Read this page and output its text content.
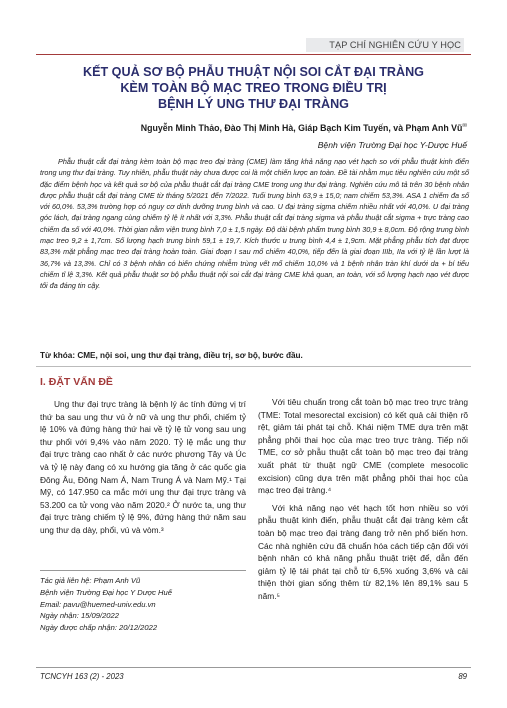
TẠP CHÍ NGHIÊN CỨU Y HỌC
KẾT QUẢ SƠ BỘ PHẪU THUẬT NỘI SOI CẮT ĐẠI TRÀNG
KÈM TOÀN BỘ MẠC TREO TRONG ĐIỀU TRỊ
BỆNH LÝ UNG THƯ ĐẠI TRÀNG
Nguyễn Minh Thảo, Đào Thị Minh Hà, Giáp Bạch Kim Tuyến, và Phạm Anh Vũ✉
Bệnh viện Trường Đại học Y-Dược Huế

Phẫu thuật cắt đại tràng kèm toàn bộ mạc treo đại tràng (CME) làm tăng khả năng nạo vét hạch so với phẫu thuật kinh điển trong ung thư đại tràng. Tuy nhiên, phẫu thuật này chưa được coi là một chiến lược an toàn. Đề tài nhằm mục tiêu nghiên cứu một số đặc điểm bệnh học và kết quả sơ bộ của phẫu thuật cắt đại tràng CME trong ung thư đại tràng. Nghiên cứu mô tả trên 30 bệnh nhân được phẫu thuật cắt đại tràng CME từ tháng 5/2021 đến 7/2022. Tuổi trung bình 63,9 ± 15,0; nam chiếm 53,3%. ASA 1 chiếm đa số với 60,0%. 53,3% trường hợp có nguy cơ dinh dưỡng trung bình và cao. U đại tràng sigma chiếm nhiều nhất với 40,0%. U đại tràng góc lách, đại tràng ngang cùng chiếm tỷ lệ ít nhất với 3,3%. Phẫu thuật cắt đại tràng sigma và phẫu thuật cắt sigma + trực tràng cao chiếm đa số với 40,0%. Thời gian nằm viện trung bình 7,0 ± 1,5 ngày. Độ dài bệnh phẩm trung bình 30,9 ± 8,0cm. Độ rộng trung bình mạc treo 9,2 ± 1,7cm. Số lượng hạch trung bình 59,1 ± 19,7. Kích thước u trung bình 4,4 ± 1,9cm. Mặt phẳng phẫu tích đạt được 83,3% mặt phẳng mạc treo đại tràng hoàn toàn. Giai đoạn I sau mổ chiếm 40,0%, tiếp đến là giai đoạn IIIb, IIa với tỷ lệ lần lượt là 36,7% và 13,3%. Chỉ có 3 bệnh nhân có biến chứng nhiễm trùng vết mổ chiếm 10,0% và 1 bệnh nhân tràn khí dưới da + bí tiểu chiếm tỉ lệ 3,3%. Kết quả phẫu thuật sơ bộ phẫu thuật nội soi cắt đại tràng CME khả quan, an toàn, với số lượng hạch nạo vét được tối đa đáng tin cậy.

Từ khóa: CME, nội soi, ung thư đại tràng, điều trị, sơ bộ, bước đầu.
I. ĐẶT VẤN ĐỀ

Ung thư đại trực tràng là bệnh lý ác tính đứng vị trí thứ ba sau ung thư vú ở nữ và ung thư phổi, chiếm tỷ lệ 10% và đứng hàng thứ hai về tỷ lệ tử vong sau ung thư phổi với 9,4% vào năm 2020. Tỷ lệ mắc ung thư đại trực tràng cao nhất ở các nước phương Tây và Úc và tỷ lệ này đang có xu hướng gia tăng ở các quốc gia Đông Âu, Đông Nam Á, Nam Trung Á và Nam Mỹ.¹ Tại Mỹ, có 147.950 ca mắc mới ung thư đại trực tràng và 53.200 ca tử vong vào năm 2020.² Ở nước ta, ung thư đại trực tràng chiếm tỷ lệ 9%, đứng hàng thứ năm sau ung thư dạ dày, phổi, vú và vòm.³

Tác giả liên hệ: Phạm Anh Vũ
Bệnh viện Trường Đại học Y Dược Huế
Email: pavu@huemed-univ.edu.vn
Ngày nhận: 15/09/2022
Ngày được chấp nhận: 20/12/2022

Với tiêu chuẩn trong cắt toàn bộ mạc treo trực tràng (TME: Total mesorectal excision) có kết quả cải thiện rõ rệt, giảm tái phát tại chỗ. Khái niệm TME dựa trên mặt phẳng phôi thai học của mạc treo trực tràng. Tiếp nối TME, cơ sở phẫu thuật cắt toàn bộ mạc treo đại tràng xuất phát từ thuật ngữ CME (complete mesocolic excision) cũng dựa trên mặt phẳng phôi thai học của mạc treo đại tràng.⁴

Với khả năng nạo vét hạch tốt hơn nhiều so với phẫu thuật kinh điển, phẫu thuật cắt đại tràng kèm cắt toàn bộ mạc treo đại tràng đang trở nên phổ biến hơn. Các nhà nghiên cứu đã chuẩn hóa cách tiếp cận đối với bệnh nhân có khả năng phẫu thuật triệt để, dẫn đến giảm tỷ lệ tái phát tại chỗ từ 6,5% xuống 3,6% và cải thiện thời gian sống thêm từ 82,1% lên 89,1% sau 5 năm.⁵

TCNCYH 163 (2) - 2023	89
